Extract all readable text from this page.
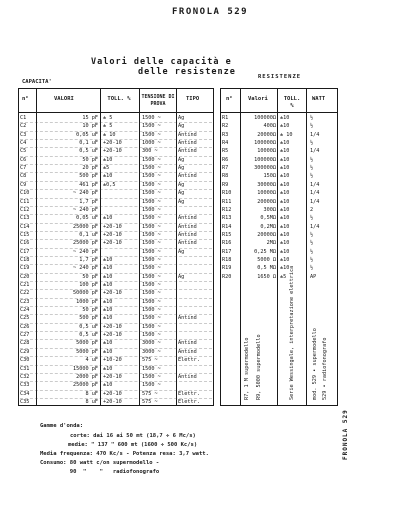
FRONOLA 529
Valori delle capacità e
delle resistenze
CAPACITA'
RESISTENZE
n°	VALORI	TOLL. % TENSIONE DI PROVA
TIPO
C1	15 pF ± 5	1500 ~	Ag
C2	10 pF ± 5	1500 ~	Ag
C3	0,05 uF ± 10	1500 ~	Antind
C4	0,1 uF +20-10	1000 ~	Antind
C5	0,5 uF +20-10	300 ~	Antind
C6	50 pF ±10	1500 ~	Ag
C7	20 pF ±5	1500 ~	Ag
C8	500 pF ±10	1500 ~	Antind
C9	461 pF ±0,5	1500 ~	Ag
C10	~ 240 pF	1500 ~	Ag
C11	1,7 pF	1500 ~	Ag
C12	~ 240 pF	1500 ~
C13	0,05 uF ±10	1500 ~	Antind
C14	25000 pF +20-10	1500 ~	Antind
C15	0,1 uF +20-10	1500 ~	Antind
C16	25000 pF +20-10	1500 ~	Antind
C17	~ 240 pF	1500 ~	Ag
C18	1,7 pF ±10	1500 ~
C19	~ 240 pF ±10	1500 ~
C20	50 pF ±10	1500 ~	Ag
C21	100 pF ±10	1500 ~
C22	50000 pF +20-10	1500 ~
C23	1000 pF ±10	1500 ~
C24	50 pF ±10	1500 ~
C25	500 pF ±10	1500 ~	Antind
C26	0,5 uF +20-10	1500 ~
C27	0,5 uF +20-10	1500 ~
C28	5000 pF ±10	3000 ~	Antind
C29	5000 pF ±10	3000 ~	Antind
C30	4 uF +10-20	575 ~	Elettr.
C31	15000 pF ±10	1500 ~
C32	2000 pF +20-10	1500 ~	Antind
C33	25000 pF ±10	1500 ~
C34	8 uF +20-10	575 ~	Elettr.
C35	8 uF +20-10	575 ~	Elettr.
n°	Valori	TOLL. %
WATT
R1	100000Ω ±10	½
R2	400Ω ±10	½
R3	20000Ω ± 10	1/4
R4	100000Ω ±10	½
R5	10000Ω ±10	1/4
R6	100000Ω ±10	½
R7	300000Ω ±10	½
R8	150Ω ±10	½
R9	30000Ω ±10	1/4
R10	10000Ω ±10	1/4
R11	20000Ω ±10	1/4
R12	300Ω ±10	2
R13	0,5MΩ ±10	½
R14	0,2MΩ ±10	1/4
R15	20000Ω ±10	½
R16	2MΩ ±10	½
R17	0,25 MΩ ±10	½
R18	5000 Ω ±10	½
R19	0,5 MΩ ±10	½
R20	1650 Ω ±5	AP
R7, 1 M supermodello R9, 5000 supermodello	Serie Wessingale, interpretazione elettrica	mod. 529 • supermodello 529 • radiofonografo
FRONOLA 529
Gamme d'onda:
corte: dai 16 ai 50 mt (18,7 ÷ 6 Mc/s)
medie: " 137 " 600 mt (1600 ÷ 500 Kc/s)
Media frequenza: 470 Kc/s - Potenza resa: 3,7 watt.
Consumo: 80 watt c/on supermodello -
90  "    "   radiofonografo
